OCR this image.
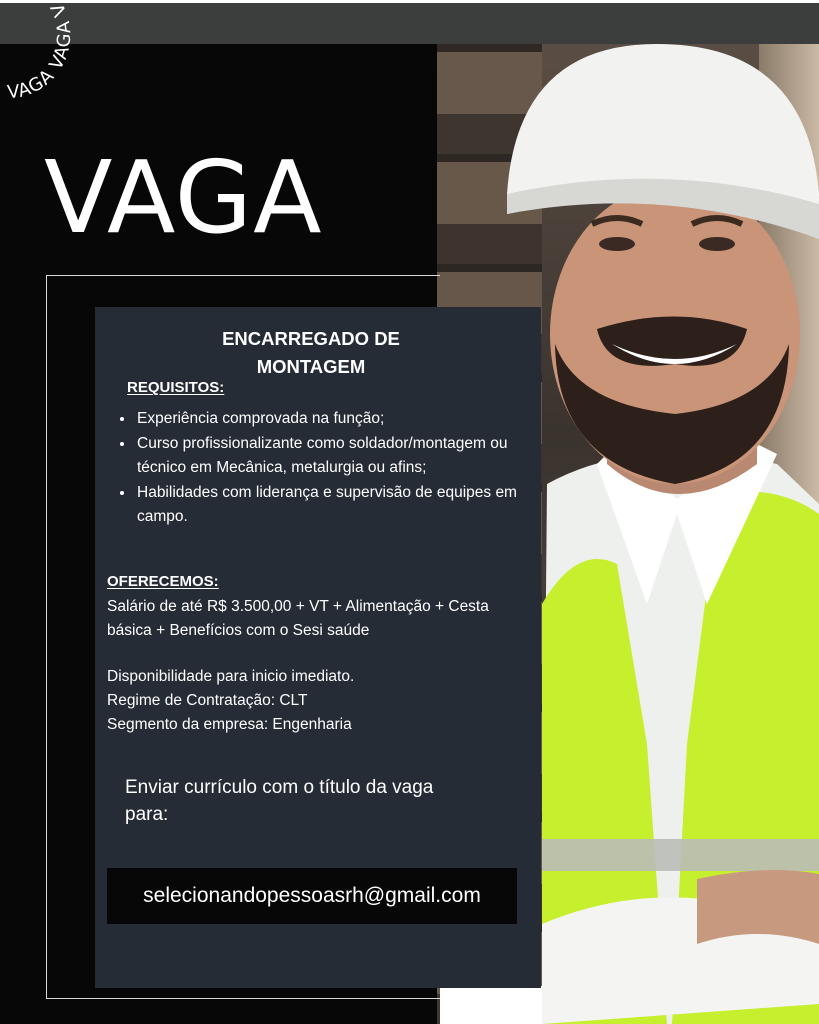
VAGA VAGA V
VAGA
ENCARREGADO DE
MONTAGEM
REQUISITOS:
• Experiência comprovada na função;
• Curso profissionalizante como soldador/montagem ou técnico em Mecânica, metalurgia ou afins;
• Habilidades com liderança e supervisão de equipes em campo.
OFERECEMOS:

Salário de até R$ 3.500,00 + VT + Alimentação + Cesta básica + Benefícios com o Sesi saúde

Disponibilidade para inicio imediato.

Regime de Contratação: CLT

Segmento da empresa: Engenharia

Enviar currículo com o título da vaga para:
selecionandopessoasrh@gmail.com
